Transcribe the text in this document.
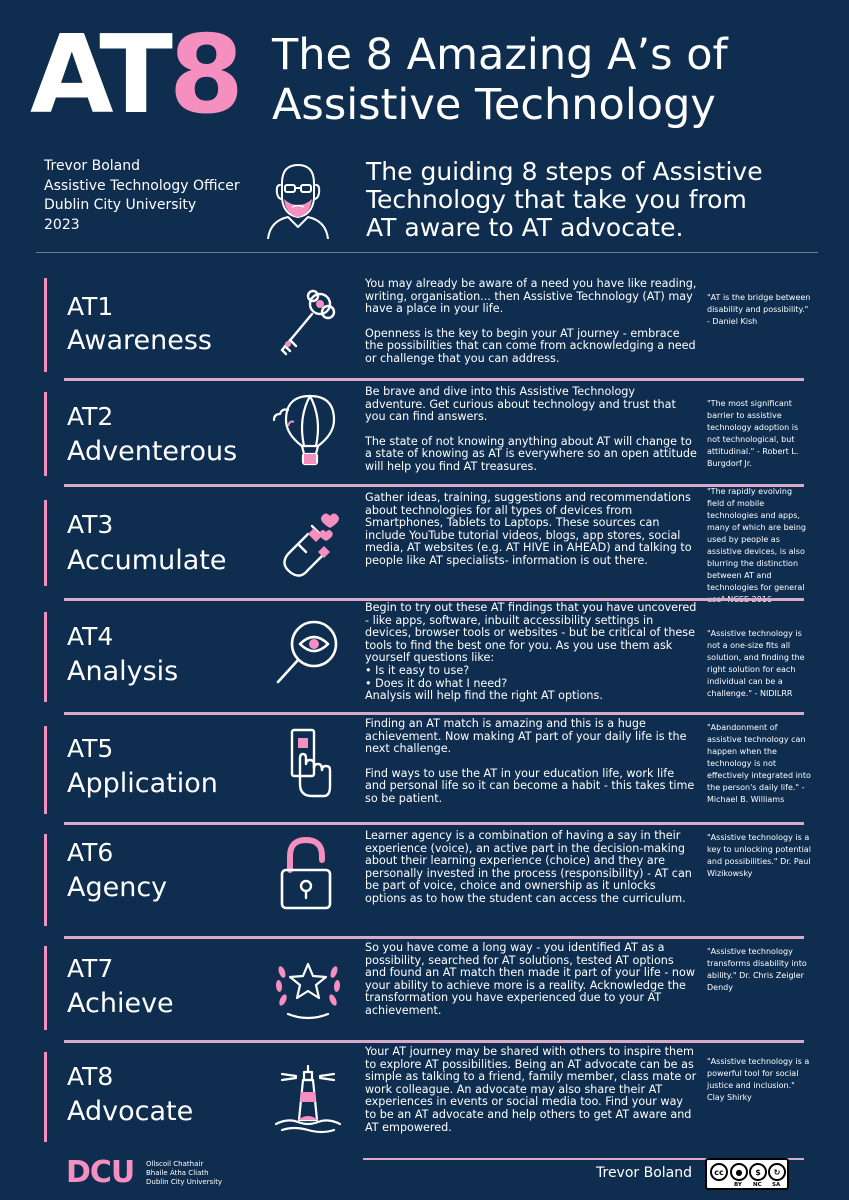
AT8 The 8 Amazing A’s of
Assistive Technology
Trevor Boland
Assistive Technology Officer
Dublin City University
2023
The guiding 8 steps of Assistive
Technology that take you from
AT aware to AT advocate.
AT1
Awareness

You may already be aware of a need you have like reading, writing, organisation... then Assistive Technology (AT) may have a place in your life.

Openness is the key to begin your AT journey - embrace the possibilities that can come from acknowledging a need or challenge that you can address.

"AT is the bridge between disability and possibility." - Daniel Kish
AT2
Adventerous

Be brave and dive into this Assistive Technology adventure. Get curious about technology and trust that you can find answers.

The state of not knowing anything about AT will change to a state of knowing as AT is everywhere so an open attitude will help you find AT treasures.

"The most significant barrier to assistive technology adoption is not technological, but attitudinal." - Robert L. Burgdorf Jr.
AT3
Accumulate

Gather ideas, training, suggestions and recommendations about technologies for all types of devices from Smartphones, Tablets to Laptops. These sources can include YouTube tutorial videos, blogs, app stores, social media, AT websites (e.g. AT HIVE in AHEAD) and talking to people like AT specialists- information is out there.

"The rapidly evolving field of mobile technologies and apps, many of which are being used by people as assistive devices, is also blurring the distinction between AT and technologies for general
AT4
Analysis

Begin to try out these AT findings that you have uncovered - like apps, software, inbuilt accessibility settings in devices, browser tools or websites - but be critical of these tools to find the best one for you. As you use them ask yourself questions like:

• Is it easy to use?
• Does it do what I need?

Analysis will help find the right AT options.

"Assistive technology is not a one-size fits all solution, and finding the right solution for each individual can be a challenge." - NIDILRR
AT5
Application

Finding an AT match is amazing and this is a huge achievement. Now making AT part of your daily life is the next challenge.

Find ways to use the AT in your education life, work life and personal life so it can become a habit - this takes time so be patient.

"Abandonment of assistive technology can happen when the technology is not effectively integrated into the person's daily life." - Michael B. Williams
AT6
Agency

Learner agency is a combination of having a say in their experience (voice), an active part in the decision-making about their learning experience (choice) and they are personally invested in the process (responsibility) - AT can be part of voice, choice and ownership as it unlocks options as to how the student can access the curriculum.

"Assistive technology is a key to unlocking potential and possibilities." Dr. Paul Wizikowsky
AT7
Achieve

So you have come a long way - you identified AT as a possibility, searched for AT solutions, tested AT options and found an AT match then made it part of your life - now your ability to achieve more is a reality. Acknowledge the transformation you have experienced due to your AT achievement.

"Assistive technology transforms disability into ability." Dr. Chris Zeigler Dendy
AT8
Advocate

Your AT journey may be shared with others to inspire them to explore AT possibilities. Being an AT advocate can be as simple as talking to a friend, family member, class mate or work colleague. An advocate may also share their AT experiences in events or social media too. Find your way to be an AT advocate and help others to get AT aware and AT empowered.

"Assistive technology is a powerful tool for social justice and inclusion." Clay Shirky
DCU Ollscoil Chathair
Bhaile Átha Cliath
Dublin City University
Trevor Boland	cc	●	$	↻
BY NC SA
